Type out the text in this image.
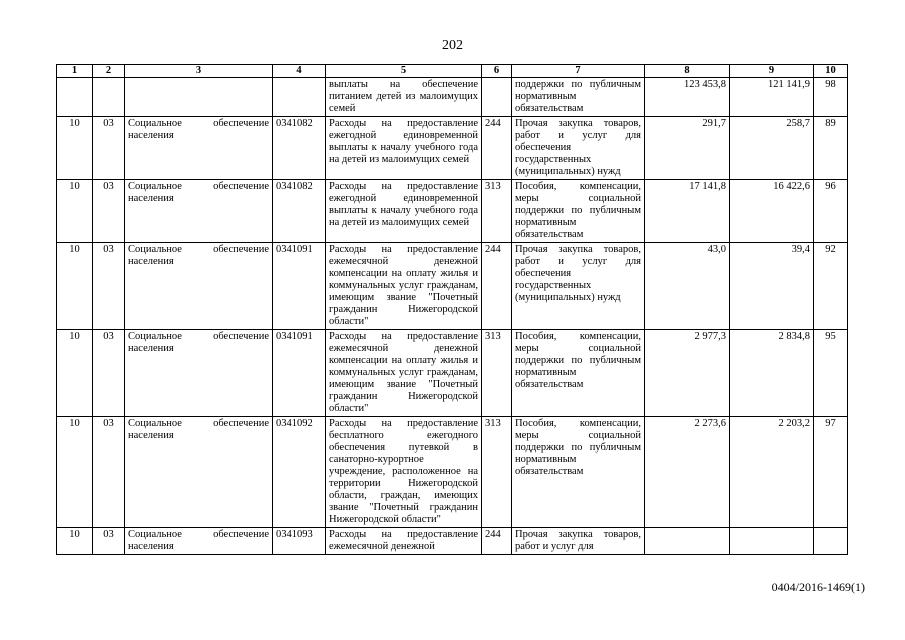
202
1	2	3	4	5	6	7	8	9	10
				выплаты на обеспечение питанием детей из малоимущих семей		поддержки по публичным нормативным обязательствам	123 453,8	121 141,9	98
10	03	Социальное обеспечение населения	0341082	Расходы на предоставление ежегодной единовременной выплаты к началу учебного года на детей из малоимущих семей	244	Прочая закупка товаров, работ и услуг для обеспечения государственных (муниципальных) нужд	291,7	258,7	89
10	03	Социальное обеспечение населения	0341082	Расходы на предоставление ежегодной единовременной выплаты к началу учебного года на детей из малоимущих семей	313	Пособия, компенсации, меры социальной поддержки по публичным нормативным обязательствам	17 141,8	16 422,6	96
10	03	Социальное обеспечение населения	0341091	Расходы на предоставление ежемесячной денежной компенсации на оплату жилья и коммунальных услуг гражданам, имеющим звание "Почетный гражданин Нижегородской области"	244	Прочая закупка товаров, работ и услуг для обеспечения государственных (муниципальных) нужд	43,0	39,4	92
10	03	Социальное обеспечение населения	0341091	Расходы на предоставление ежемесячной денежной компенсации на оплату жилья и коммунальных услуг гражданам, имеющим звание "Почетный гражданин Нижегородской области"	313	Пособия, компенсации, меры социальной поддержки по публичным нормативным обязательствам	2 977,3	2 834,8	95
10	03	Социальное обеспечение населения	0341092	Расходы на предоставление бесплатного ежегодного обеспечения путевкой в санаторно-курортное учреждение, расположенное на территории Нижегородской области, граждан, имеющих звание "Почетный гражданин Нижегородской области"	313	Пособия, компенсации, меры социальной поддержки по публичным нормативным обязательствам	2 273,6	2 203,2	97
10	03	Социальное обеспечение населения	0341093	Расходы на предоставление ежемесячной денежной	244	Прочая закупка товаров, работ и услуг для			
0404/2016-1469(1)
